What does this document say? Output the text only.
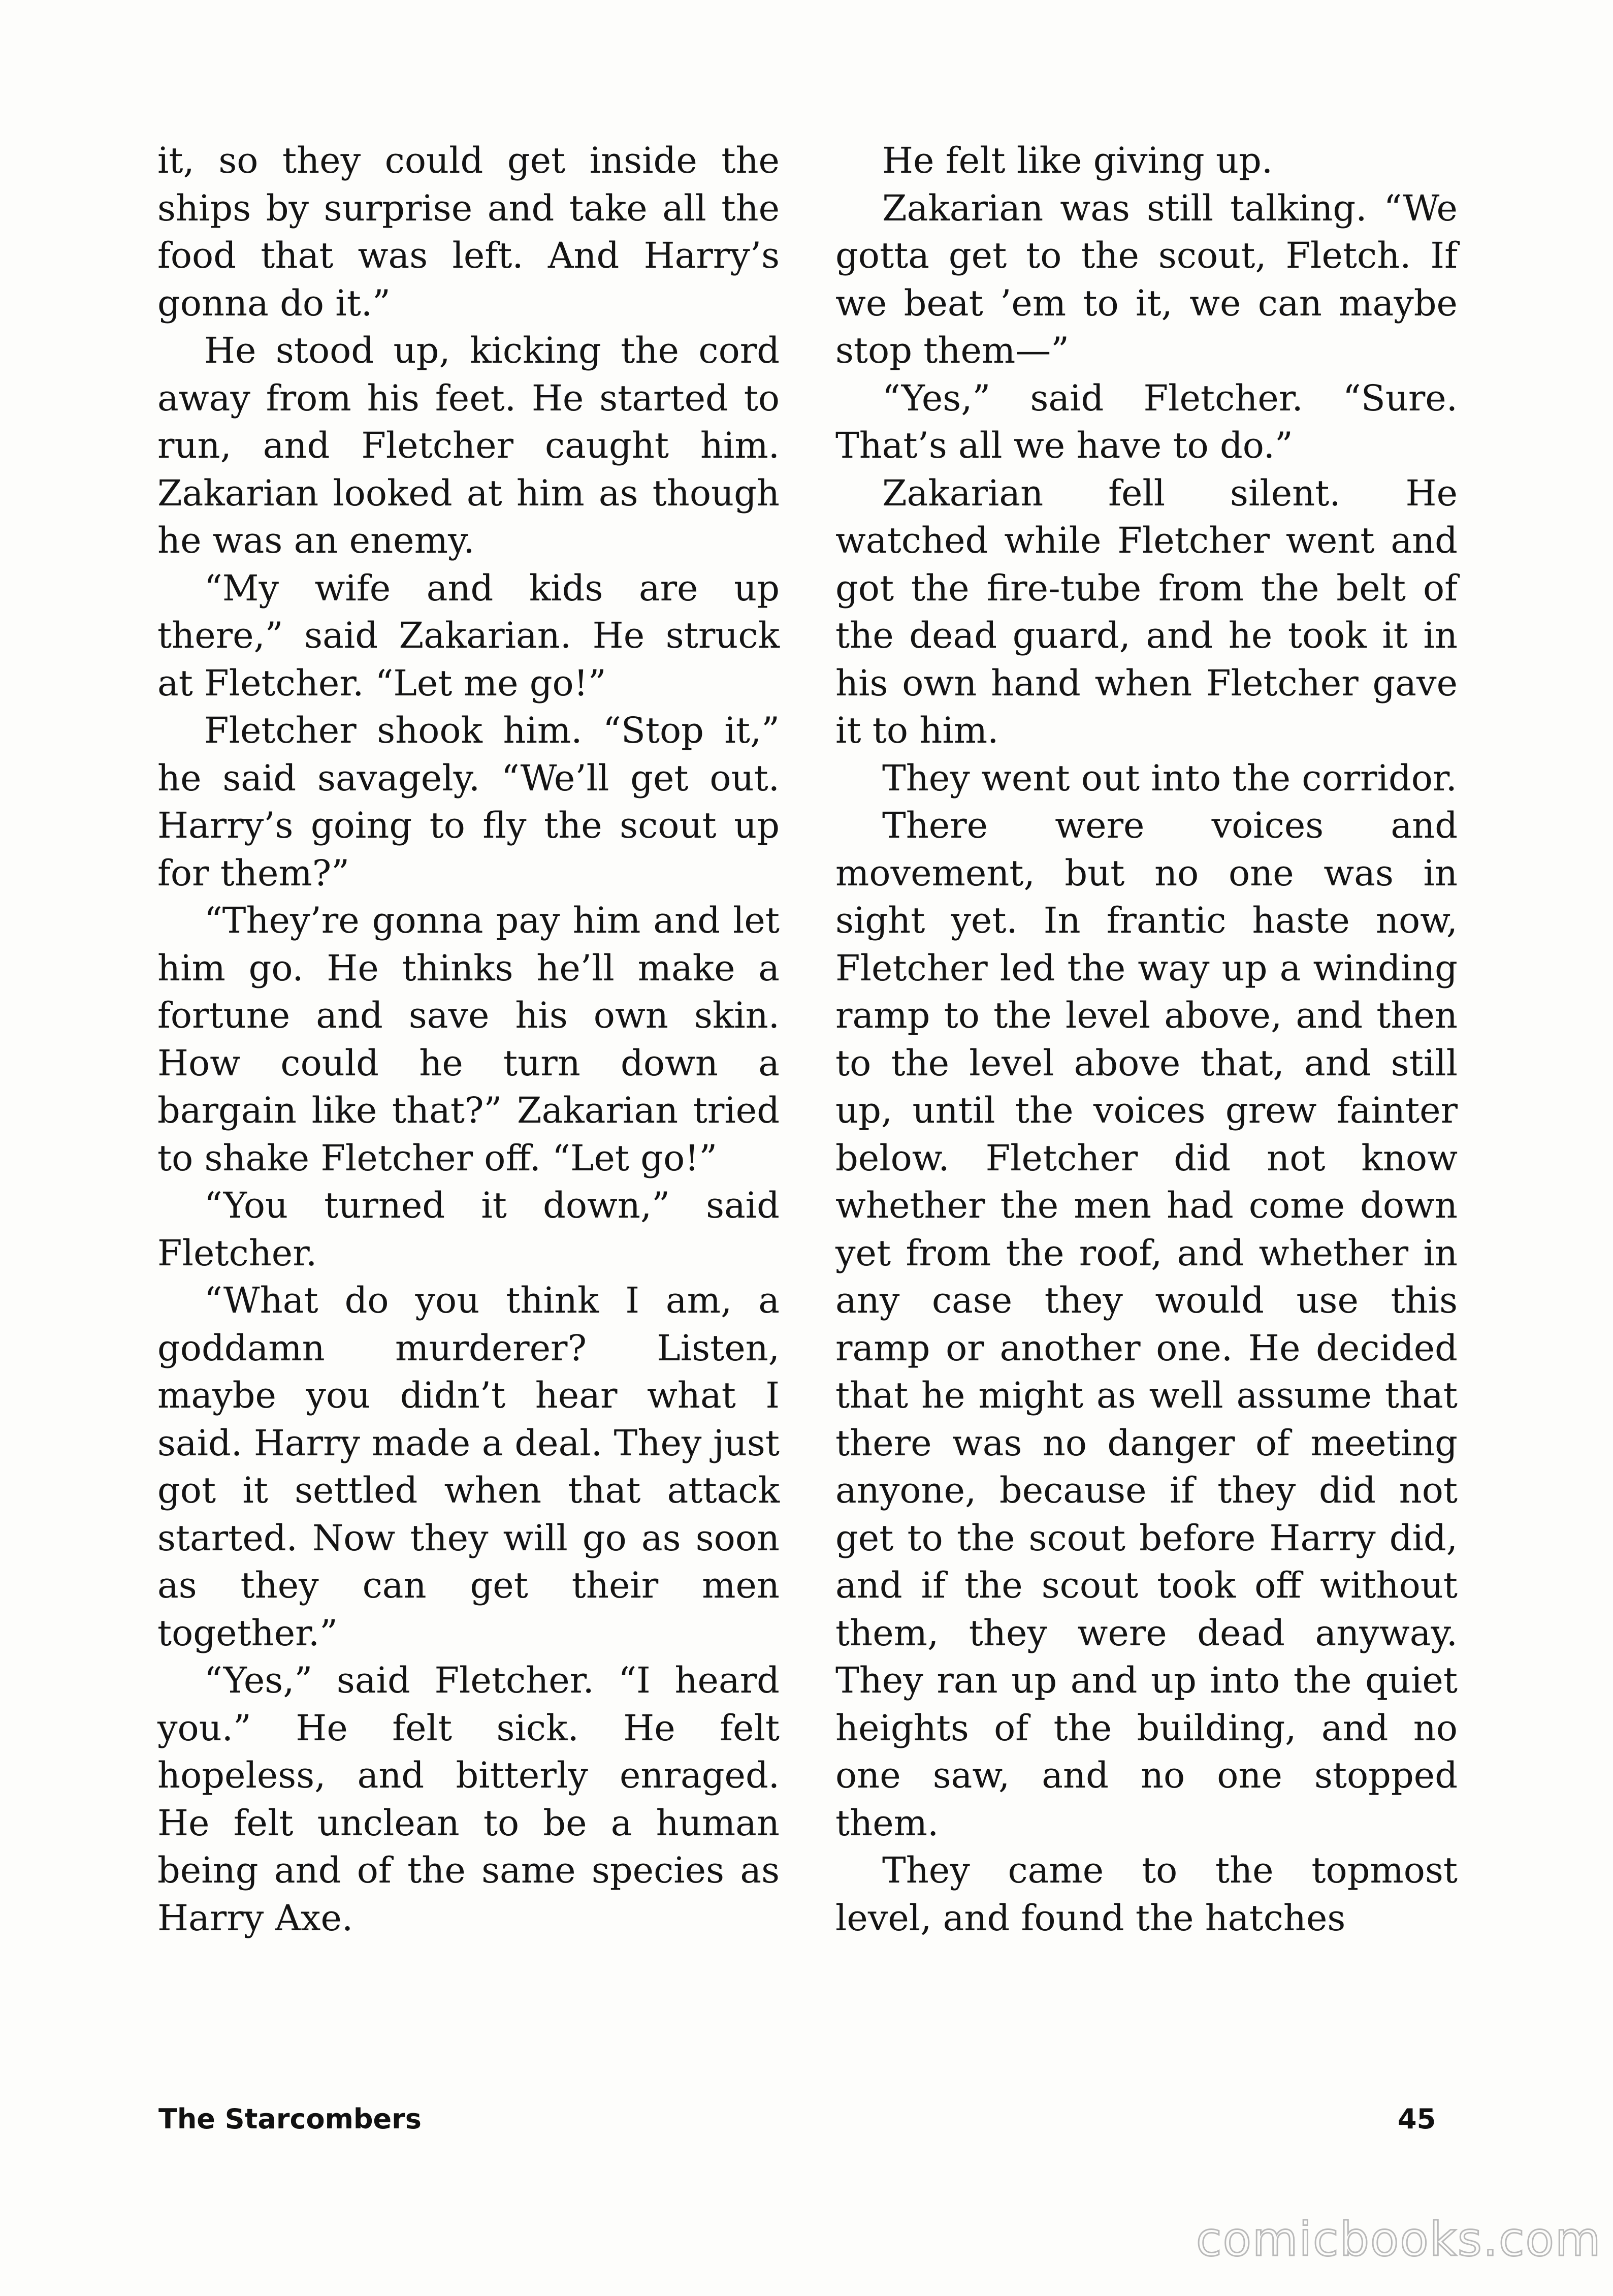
it, so they could get inside the ships by surprise and take all the food that was left. And Harry’s gonna do it.”

He stood up, kicking the cord away from his feet. He started to run, and Fletcher caught him. Zakarian looked at him as though he was an enemy.

“My wife and kids are up there,” said Zakarian. He struck at Fletcher. “Let me go!”

Fletcher shook him. “Stop it,” he said savagely. “We’ll get out. Harry’s going to fly the scout up for them?”

“They’re gonna pay him and let him go. He thinks he’ll make a fortune and save his own skin. How could he turn down a bargain like that?” Zakarian tried to shake Fletcher off. “Let go!”

“You turned it down,” said Fletcher.

“What do you think I am, a goddamn murderer? Listen, maybe you didn’t hear what I said. Harry made a deal. They just got it settled when that attack started. Now they will go as soon as they can get their men together.”

“Yes,” said Fletcher. “I heard you.” He felt sick. He felt hopeless, and bitterly enraged. He felt unclean to be a human being and of the same species as Harry Axe.

He felt like giving up.

Zakarian was still talking. “We gotta get to the scout, Fletch. If we beat ’em to it, we can maybe stop them—”

“Yes,” said Fletcher. “Sure. That’s all we have to do.”

Zakarian fell silent. He watched while Fletcher went and got the fire-tube from the belt of the dead guard, and he took it in his own hand when Fletcher gave it to him.

They went out into the corridor.

There were voices and movement, but no one was in sight yet. In frantic haste now, Fletcher led the way up a winding ramp to the level above, and then to the level above that, and still up, until the voices grew fainter below. Fletcher did not know whether the men had come down yet from the roof, and whether in any case they would use this ramp or another one. He decided that he might as well assume that there was no danger of meeting anyone, because if they did not get to the scout before Harry did, and if the scout took off without them, they were dead anyway. They ran up and up into the quiet heights of the building, and no one saw, and no one stopped them.

They came to the topmost level, and found the hatches

The Starcombers	45
comicbooks.com
